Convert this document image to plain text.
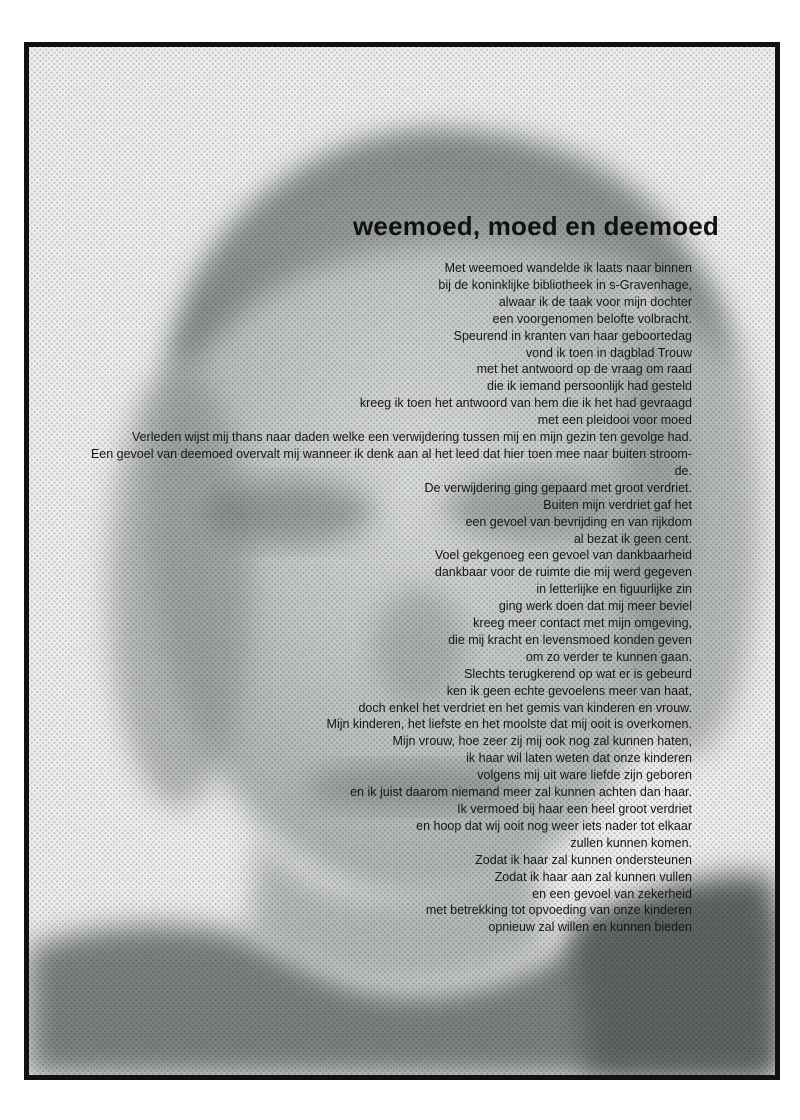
weemoed, moed en deemoed
Met weemoed wandelde ik laats naar binnen
bij de koninklijke bibliotheek in s-Gravenhage,
alwaar ik de taak voor mijn dochter
een voorgenomen belofte volbracht.
Speurend in kranten van haar geboortedag
vond ik toen in dagblad Trouw
met het antwoord op de vraag om raad
die ik iemand persoonlijk had gesteld
kreeg ik toen het antwoord van hem die ik het had gevraagd
met een pleidooi voor moed
Verleden wijst mij thans naar daden welke een verwijdering tussen mij en mijn gezin ten gevolge had.
Een gevoel van deemoed overvalt mij wanneer ik denk aan al het leed dat hier toen mee naar buiten stroom-
de.
De verwijdering ging gepaard met groot verdriet.
Buiten mijn verdriet gaf het
een gevoel van bevrijding en van rijkdom
al bezat ik geen cent.
Voel gekgenoeg een gevoel van dankbaarheid
dankbaar voor de ruimte die mij werd gegeven
in letterlijke en figuurlijke zin
ging werk doen dat mij meer beviel
kreeg meer contact met mijn omgeving,
die mij kracht en levensmoed konden geven
om zo verder te kunnen gaan.
Slechts terugkerend op wat er is gebeurd
ken ik geen echte gevoelens meer van haat,
doch enkel het verdriet en het gemis van kinderen en vrouw.
Mijn kinderen, het liefste en het moolste dat mij ooit is overkomen.
Mijn vrouw, hoe zeer zij mij ook nog zal kunnen haten,
ik haar wil laten weten dat onze kinderen
volgens mij uit ware liefde zijn geboren
en ik juist daarom niemand meer zal kunnen achten dan haar.
Ik vermoed bij haar een heel groot verdriet
en hoop dat wij ooit nog weer iets nader tot elkaar
zullen kunnen komen.
Zodat ik haar zal kunnen ondersteunen
Zodat ik haar aan zal kunnen vullen
en een gevoel van zekerheid
met betrekking tot opvoeding van onze kinderen
opnieuw zal willen en kunnen bieden
